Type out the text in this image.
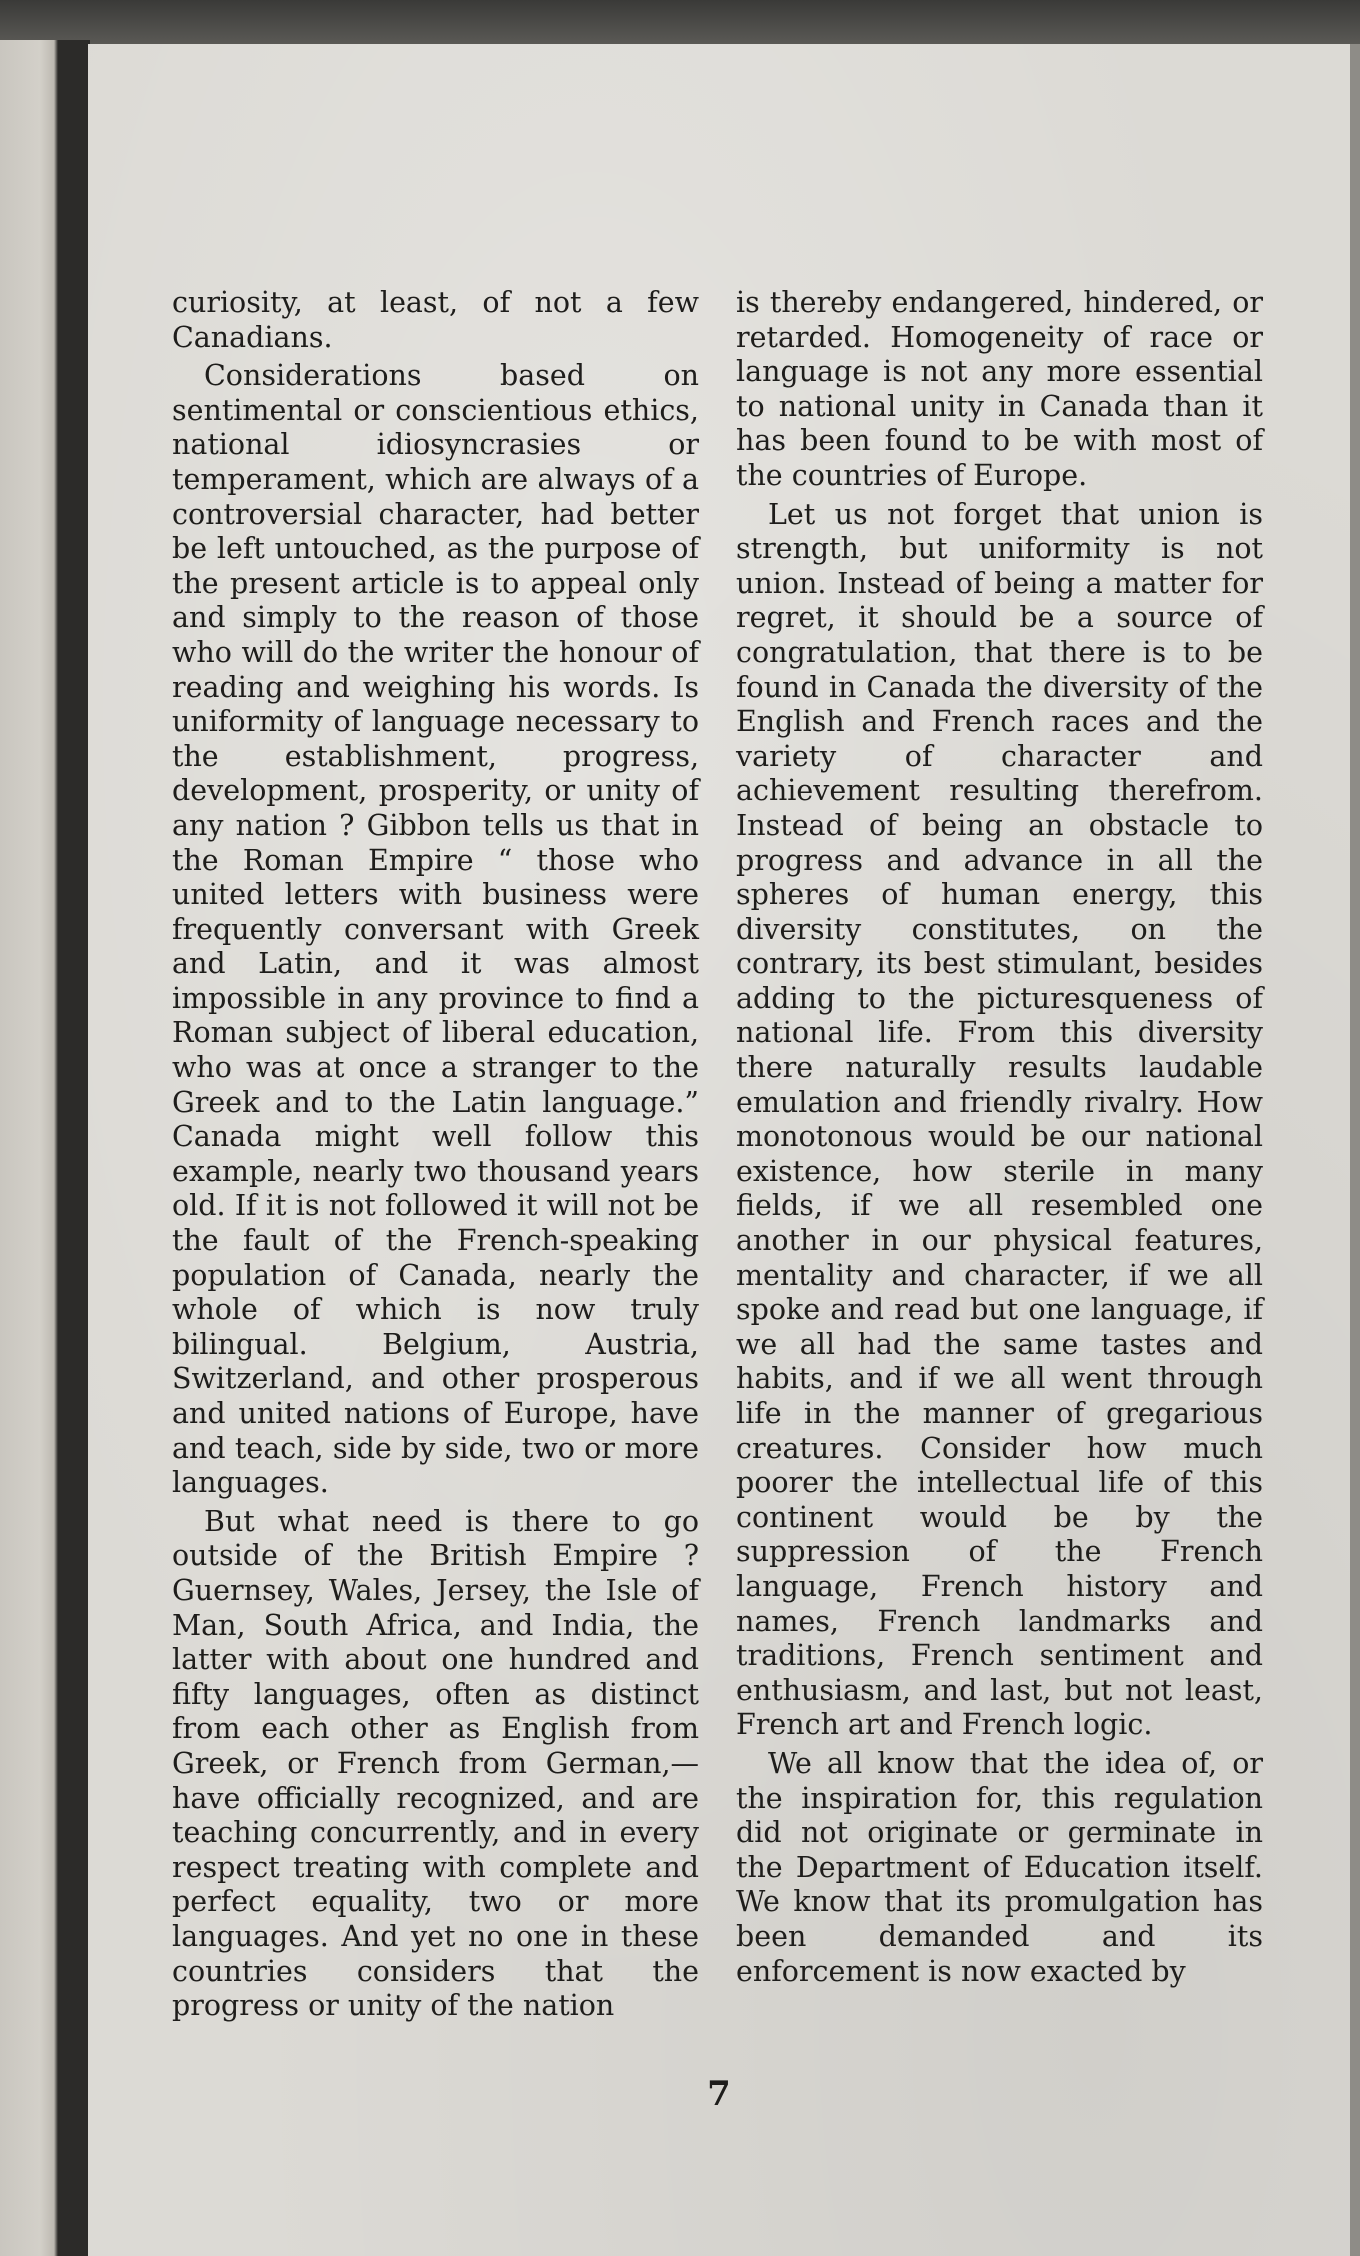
curiosity, at least, of not a few Canadians.

Considerations based on sentimental or conscientious ethics, national idiosyncrasies or temperament, which are always of a controversial character, had better be left untouched, as the purpose of the present article is to appeal only and simply to the reason of those who will do the writer the honour of reading and weighing his words. Is uniformity of language necessary to the establishment, progress, development, prosperity, or unity of any nation ? Gibbon tells us that in the Roman Empire “ those who united letters with business were frequently conversant with Greek and Latin, and it was almost impossible in any province to find a Roman subject of liberal education, who was at once a stranger to the Greek and to the Latin language.” Canada might well follow this example, nearly two thousand years old. If it is not followed it will not be the fault of the French-speaking population of Canada, nearly the whole of which is now truly bilingual. Belgium, Austria, Switzerland, and other prosperous and united nations of Europe, have and teach, side by side, two or more languages.

But what need is there to go outside of the British Empire ? Guernsey, Wales, Jersey, the Isle of Man, South Africa, and India, the latter with about one hundred and fifty languages, often as distinct from each other as English from Greek, or French from German,— have officially recognized, and are teaching concurrently, and in every respect treating with complete and perfect equality, two or more languages. And yet no one in these countries considers that the progress or unity of the nation

is thereby endangered, hindered, or retarded. Homogeneity of race or language is not any more essential to national unity in Canada than it has been found to be with most of the countries of Europe.

Let us not forget that union is strength, but uniformity is not union. Instead of being a matter for regret, it should be a source of congratulation, that there is to be found in Canada the diversity of the English and French races and the variety of character and achievement resulting therefrom. Instead of being an obstacle to progress and advance in all the spheres of human energy, this diversity constitutes, on the contrary, its best stimulant, besides adding to the picturesqueness of national life. From this diversity there naturally results laudable emulation and friendly rivalry. How monotonous would be our national existence, how sterile in many fields, if we all resembled one another in our physical features, mentality and character, if we all spoke and read but one language, if we all had the same tastes and habits, and if we all went through life in the manner of gregarious creatures. Consider how much poorer the intellectual life of this continent would be by the suppression of the French language, French history and names, French landmarks and traditions, French sentiment and enthusiasm, and last, but not least, French art and French logic.

We all know that the idea of, or the inspiration for, this regulation did not originate or germinate in the Department of Education itself. We know that its promulgation has been demanded and its enforcement is now exacted by

7
